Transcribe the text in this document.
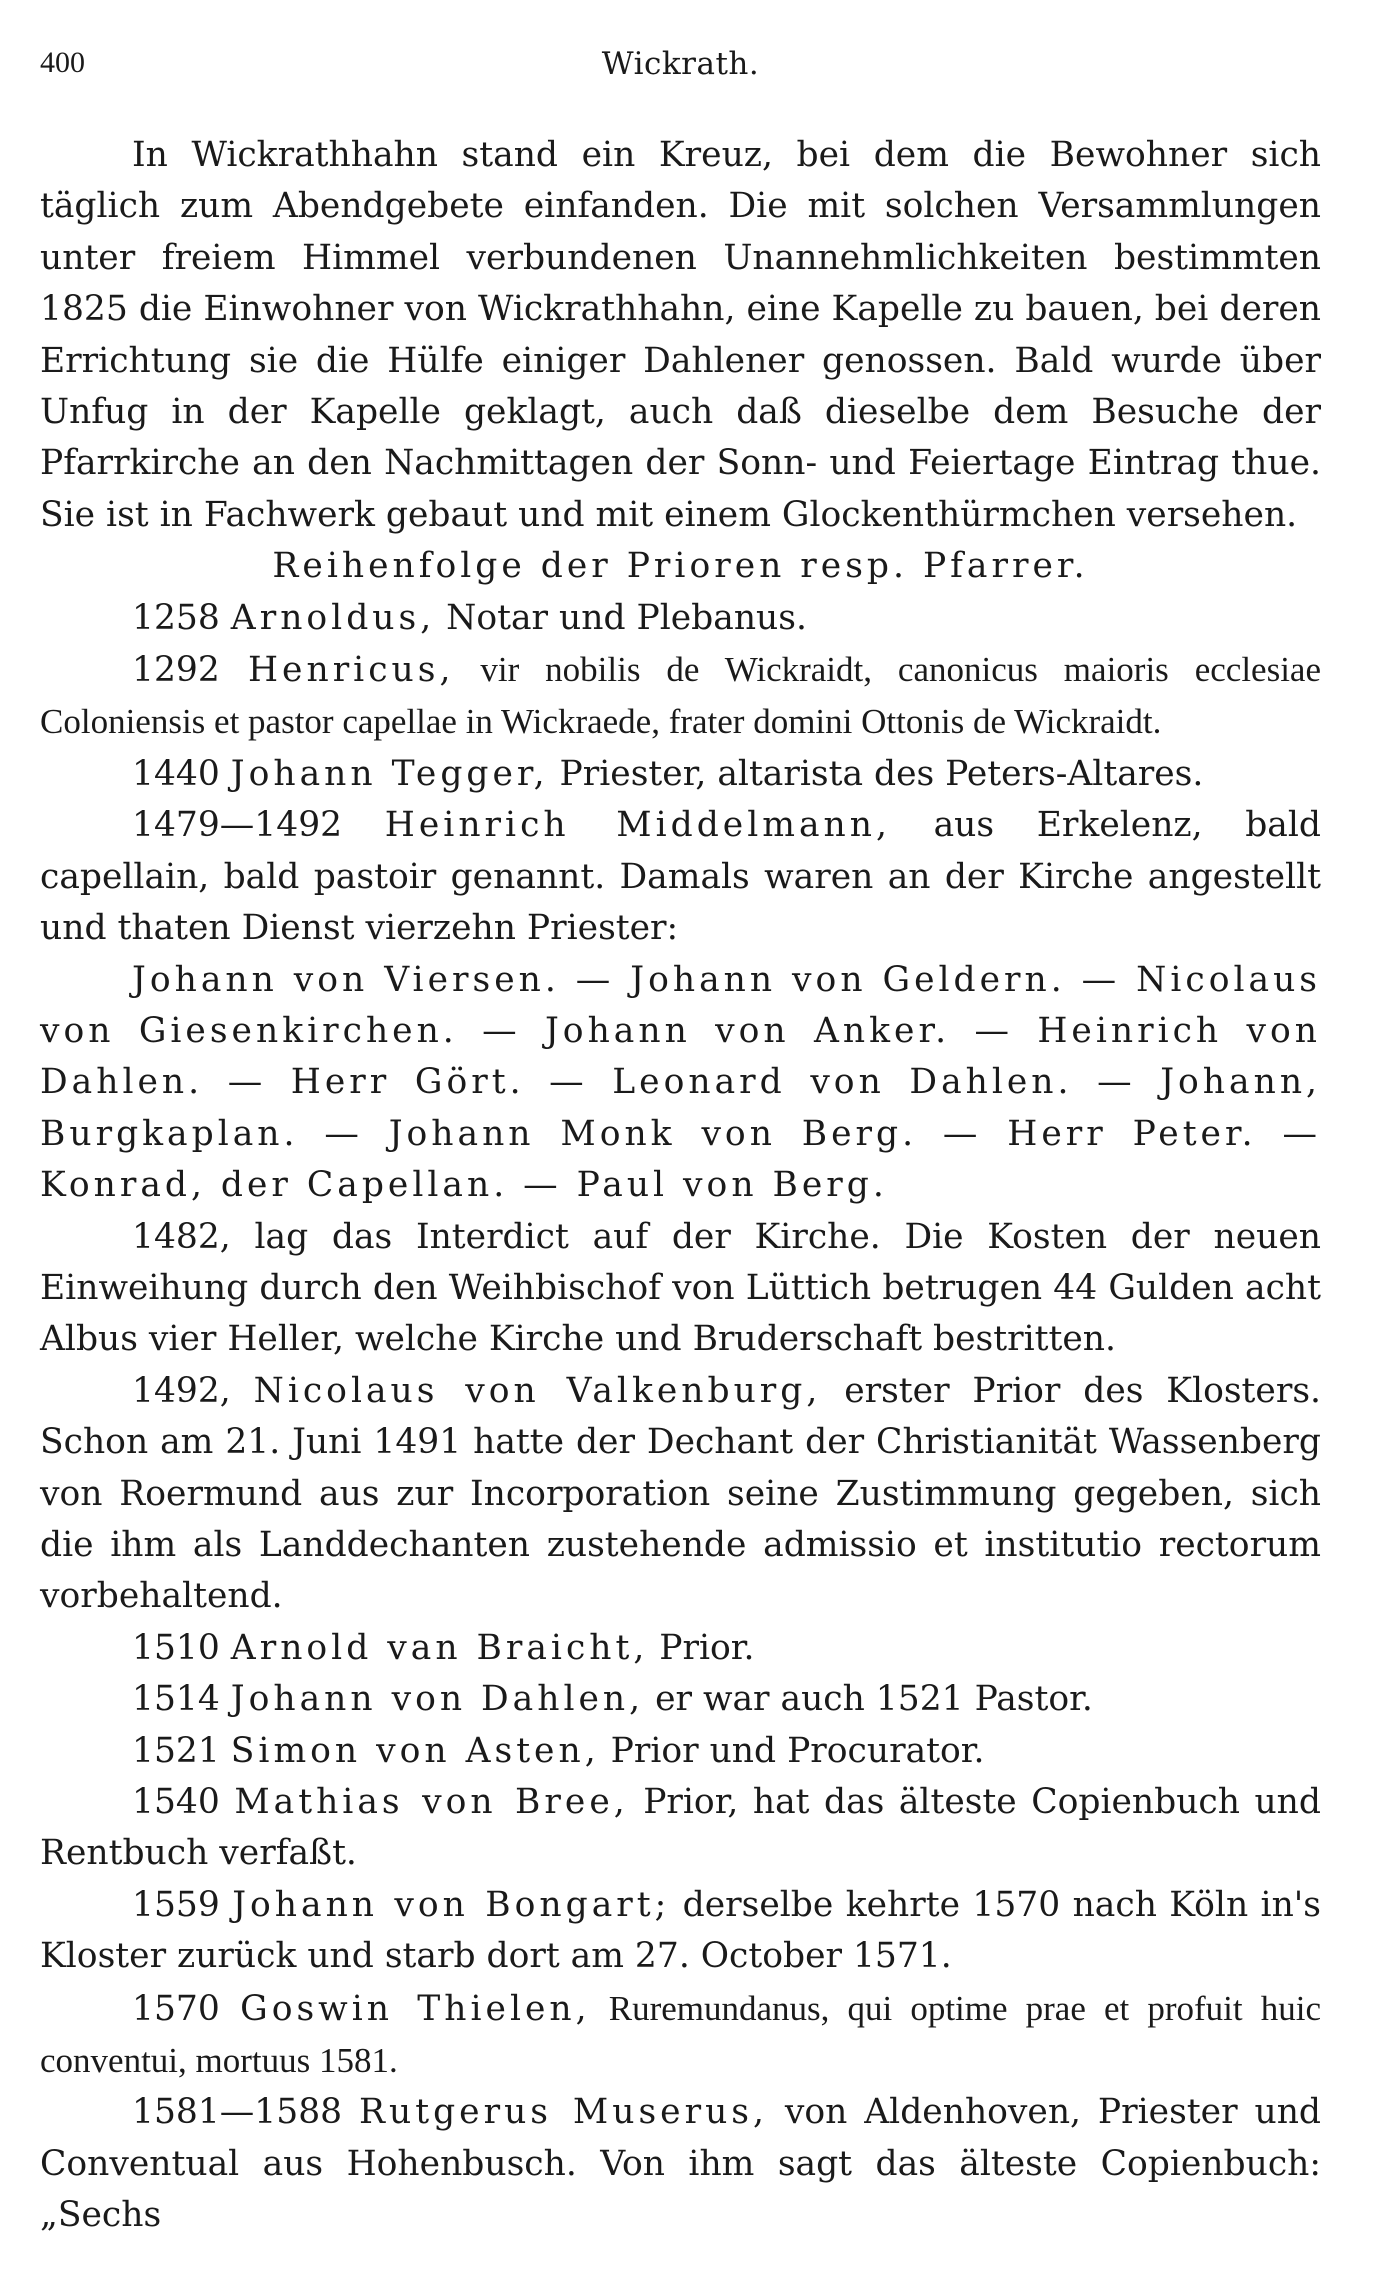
400	Wickrath.

In Wickrathhahn stand ein Kreuz, bei dem die Bewohner sich täglich zum Abendgebete einfanden. Die mit solchen Versammlungen unter freiem Himmel verbundenen Unannehmlichkeiten bestimmten 1825 die Einwohner von Wickrathhahn, eine Kapelle zu bauen, bei deren Errichtung sie die Hülfe einiger Dahlener genossen. Bald wurde über Unfug in der Kapelle geklagt, auch daß dieselbe dem Besuche der Pfarrkirche an den Nachmittagen der Sonn- und Feiertage Eintrag thue. Sie ist in Fachwerk gebaut und mit einem Glockenthürmchen versehen.

Reihenfolge der Prioren resp. Pfarrer.

1258 Arnoldus, Notar und Plebanus.

1292 Henricus, vir nobilis de Wickraidt, canonicus maioris ecclesiae Coloniensis et pastor capellae in Wickraede, frater domini Ottonis de Wickraidt.

1440 Johann Tegger, Priester, altarista des Peters-Altares.

1479—1492 Heinrich Middelmann, aus Erkelenz, bald capellain, bald pastoir genannt. Damals waren an der Kirche angestellt und thaten Dienst vierzehn Priester:

Johann von Viersen. — Johann von Geldern. — Nicolaus von Giesenkirchen. — Johann von Anker. — Heinrich von Dahlen. — Herr Gört. — Leonard von Dahlen. — Johann, Burgkaplan. — Johann Monk von Berg. — Herr Peter. — Konrad, der Capellan. — Paul von Berg.

1482, lag das Interdict auf der Kirche. Die Kosten der neuen Einweihung durch den Weihbischof von Lüttich betrugen 44 Gulden acht Albus vier Heller, welche Kirche und Bruderschaft bestritten.

1492, Nicolaus von Valkenburg, erster Prior des Klosters. Schon am 21. Juni 1491 hatte der Dechant der Christianität Wassenberg von Roermund aus zur Incorporation seine Zustimmung gegeben, sich die ihm als Landdechanten zustehende admissio et institutio rectorum vorbehaltend.

1510 Arnold van Braicht, Prior.

1514 Johann von Dahlen, er war auch 1521 Pastor.

1521 Simon von Asten, Prior und Procurator.

1540 Mathias von Bree, Prior, hat das älteste Copienbuch und Rentbuch verfaßt.

1559 Johann von Bongart; derselbe kehrte 1570 nach Köln in's Kloster zurück und starb dort am 27. October 1571.

1570 Goswin Thielen, Ruremundanus, qui optime prae et profuit huic conventui, mortuus 1581.

1581—1588 Rutgerus Muserus, von Aldenhoven, Priester und Conventual aus Hohenbusch. Von ihm sagt das älteste Copienbuch: „Sechs
